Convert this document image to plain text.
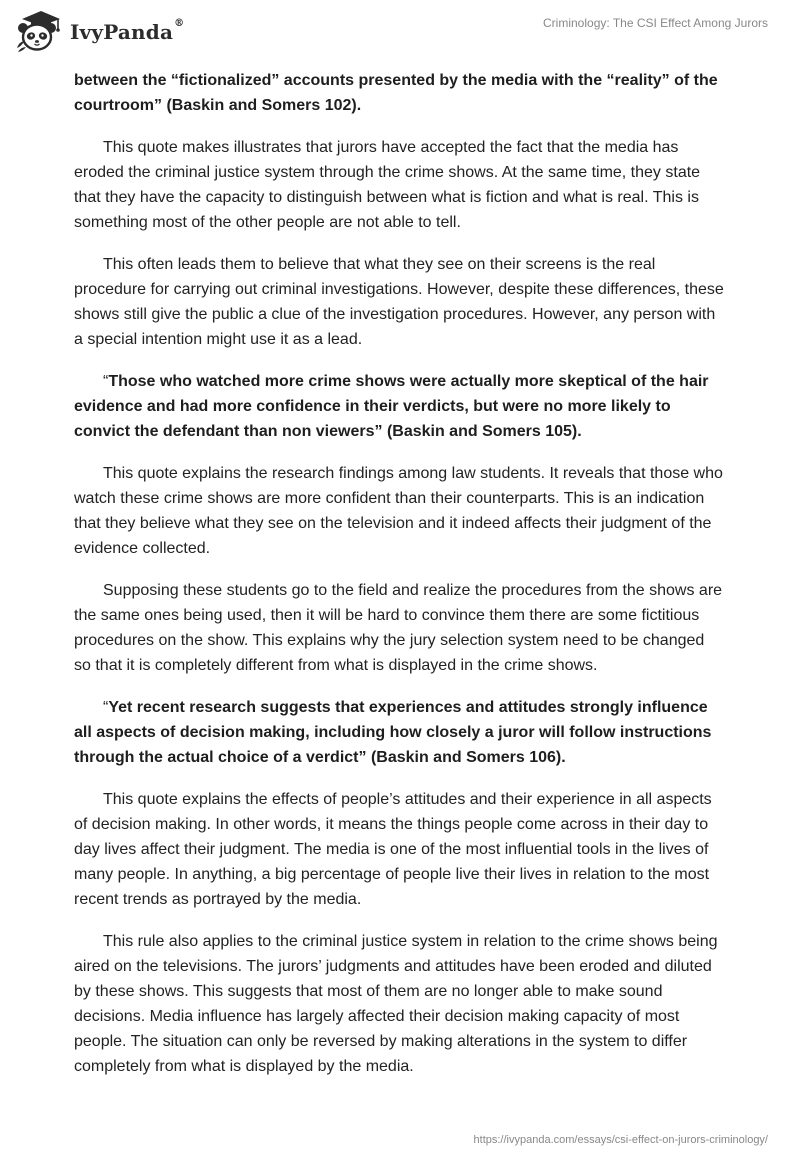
IvyPanda®	Criminology: The CSI Effect Among Jurors

between the “fictionalized” accounts presented by the media with the “reality” of the courtroom” (Baskin and Somers 102).

This quote makes illustrates that jurors have accepted the fact that the media has eroded the criminal justice system through the crime shows. At the same time, they state that they have the capacity to distinguish between what is fiction and what is real. This is something most of the other people are not able to tell.

This often leads them to believe that what they see on their screens is the real procedure for carrying out criminal investigations. However, despite these differences, these shows still give the public a clue of the investigation procedures. However, any person with a special intention might use it as a lead.

“Those who watched more crime shows were actually more skeptical of the hair evidence and had more confidence in their verdicts, but were no more likely to convict the defendant than non viewers” (Baskin and Somers 105).

This quote explains the research findings among law students. It reveals that those who watch these crime shows are more confident than their counterparts. This is an indication that they believe what they see on the television and it indeed affects their judgment of the evidence collected.

Supposing these students go to the field and realize the procedures from the shows are the same ones being used, then it will be hard to convince them there are some fictitious procedures on the show. This explains why the jury selection system need to be changed so that it is completely different from what is displayed in the crime shows.

“Yet recent research suggests that experiences and attitudes strongly influence all aspects of decision making, including how closely a juror will follow instructions through the actual choice of a verdict” (Baskin and Somers 106).

This quote explains the effects of people’s attitudes and their experience in all aspects of decision making. In other words, it means the things people come across in their day to day lives affect their judgment. The media is one of the most influential tools in the lives of many people. In anything, a big percentage of people live their lives in relation to the most recent trends as portrayed by the media.

This rule also applies to the criminal justice system in relation to the crime shows being aired on the televisions. The jurors’ judgments and attitudes have been eroded and diluted by these shows. This suggests that most of them are no longer able to make sound decisions. Media influence has largely affected their decision making capacity of most people. The situation can only be reversed by making alterations in the system to differ completely from what is displayed by the media.

https://ivypanda.com/essays/csi-effect-on-jurors-criminology/
